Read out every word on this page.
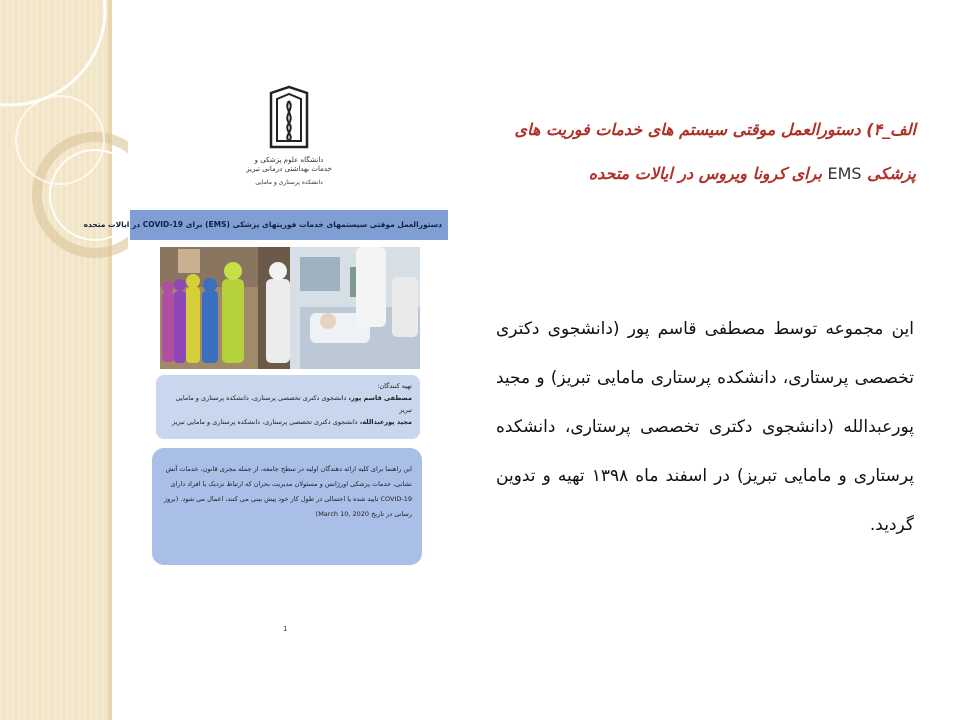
دانشگاه علوم پزشکی و خدمات بهداشتی درمانی تبریز
دانشکده پرستاری و مامایی
دستورالعمل موقتی سیستمهای خدمات فوریتهای پزشکی (EMS) برای COVID-19 در ایالات متحده
تهیه کنندگان:
مصطفی قاسم پور، دانشجوی دکتری تخصصی پرستاری، دانشکده پرستاری و مامایی تبریز
مجید پورعبدالله، دانشجوی دکتری تخصصی پرستاری، دانشکده پرستاری و مامایی تبریز
این راهنما برای کلیه ارائه دهندگان اولیه در سطح جامعه، از جمله مجری قانون، خدمات آتش نشانی، خدمات پزشکی اورژانس و مسئولان مدیریت بحران که ارتباط نزدیک با افراد دارای COVID-19 تایید شده یا احتمالی در طول کار خود پیش بینی می کنند، اعمال می شود. (بروز رسانی در تاریخ March 10, 2020)
1
الف_۴) دستورالعمل موقتی سیستم های خدمات فوریت های پزشکی EMS برای کرونا ویروس در ایالات متحده
این مجموعه توسط مصطفی قاسم پور (دانشجوی دکتری تخصصی پرستاری، دانشکده پرستاری مامایی تبریز) و مجید پورعبدالله (دانشجوی دکتری تخصصی پرستاری، دانشکده پرستاری و مامایی تبریز) در اسفند ماه ۱۳۹۸ تهیه و تدوین گردید.
